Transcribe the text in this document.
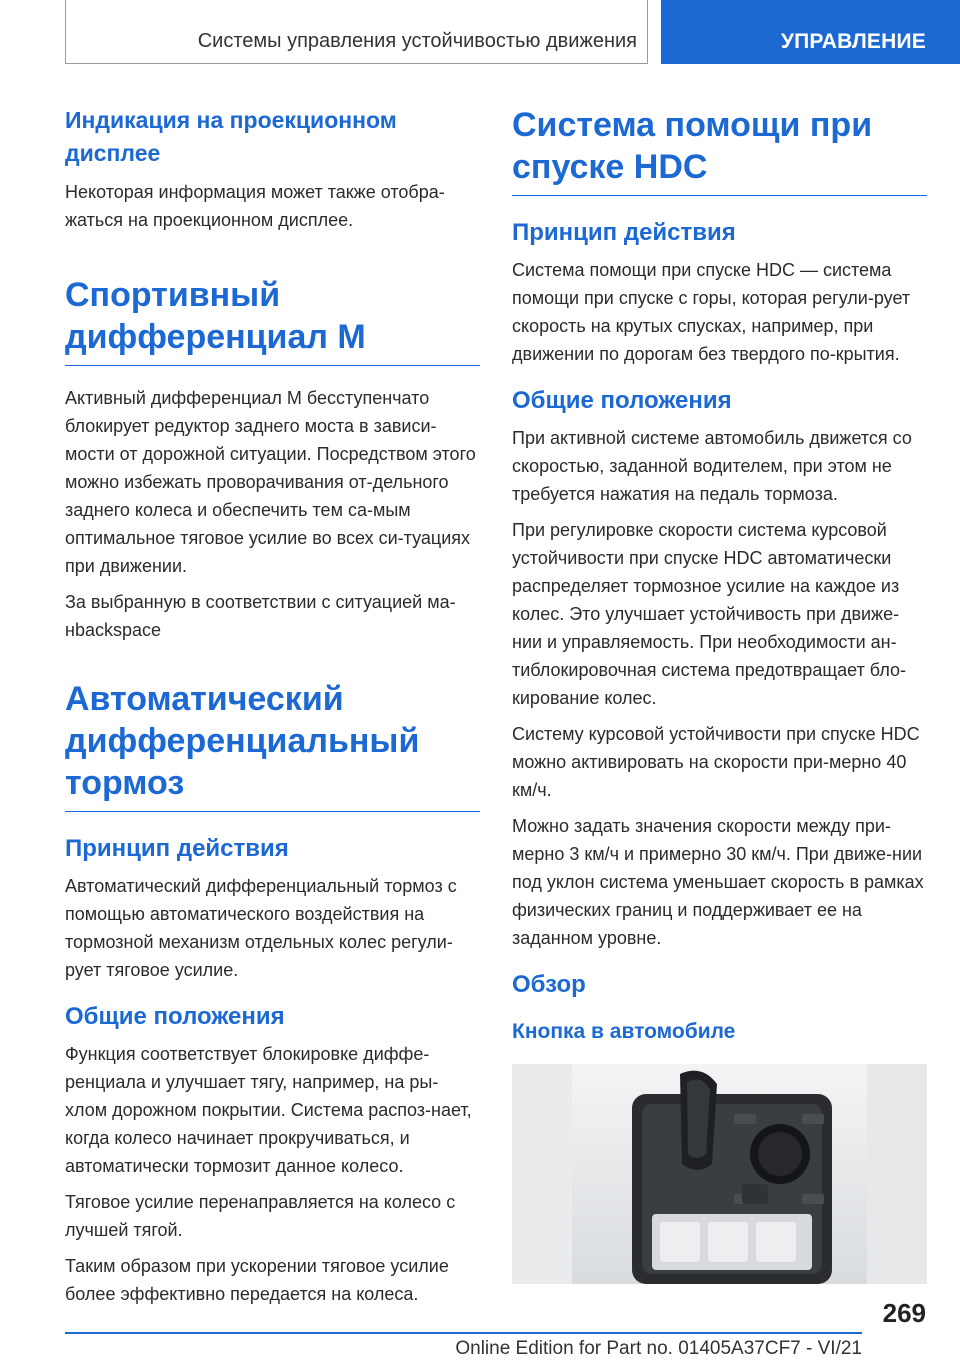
Системы управления устойчивостью движения	УПРАВЛЕНИЕ
Индикация на проекционном дисплее

Некоторая информация может также отобра-жаться на проекционном дисплее.

Спортивный дифференциал M

Активный дифференциал M бесступенчато блокирует редуктор заднего моста в зависи-мости от дорожной ситуации. Посредством этого можно избежать проворачивания от-дельного заднего колеса и обеспечить тем са-мым оптимальное тяговое усилие во всех си-туациях при движении.

За выбранную в соответствии с ситуацией ма-нbackspace

Автоматический дифференциальный тормоз
Принцип действия

Автоматический дифференциальный тормоз с помощью автоматического воздействия на тормозной механизм отдельных колес регули-рует тяговое усилие.

Общие положения

Функция соответствует блокировке диффе-ренциала и улучшает тягу, например, на ры-хлом дорожном покрытии. Система распоз-нает, когда колесо начинает прокручиваться, и автоматически тормозит данное колесо.

Тяговое усилие перенаправляется на колесо с лучшей тягой.

Таким образом при ускорении тяговое усилие более эффективно передается на колеса.

Система помощи при спуске HDC
Принцип действия

Система помощи при спуске HDC — система помощи при спуске с горы, которая регули-рует скорость на крутых спусках, например, при движении по дорогам без твердого по-крытия.

Общие положения

При активной системе автомобиль движется со скоростью, заданной водителем, при этом не требуется нажатия на педаль тормоза.

При регулировке скорости система курсовой устойчивости при спуске HDC автоматически распределяет тормозное усилие на каждое из колес. Это улучшает устойчивость при движе-нии и управляемость. При необходимости ан-тиблокировочная система предотвращает бло-кирование колес.

Систему курсовой устойчивости при спуске HDC можно активировать на скорости при-мерно 40 км/ч.

Можно задать значения скорости между при-мерно 3 км/ч и примерно 30 км/ч. При движе-нии под уклон система уменьшает скорость в рамках физических границ и поддерживает ее на заданном уровне.

Обзор
Кнопка в автомобиле
269
Online Edition for Part no. 01405A37CF7 - VI/21
